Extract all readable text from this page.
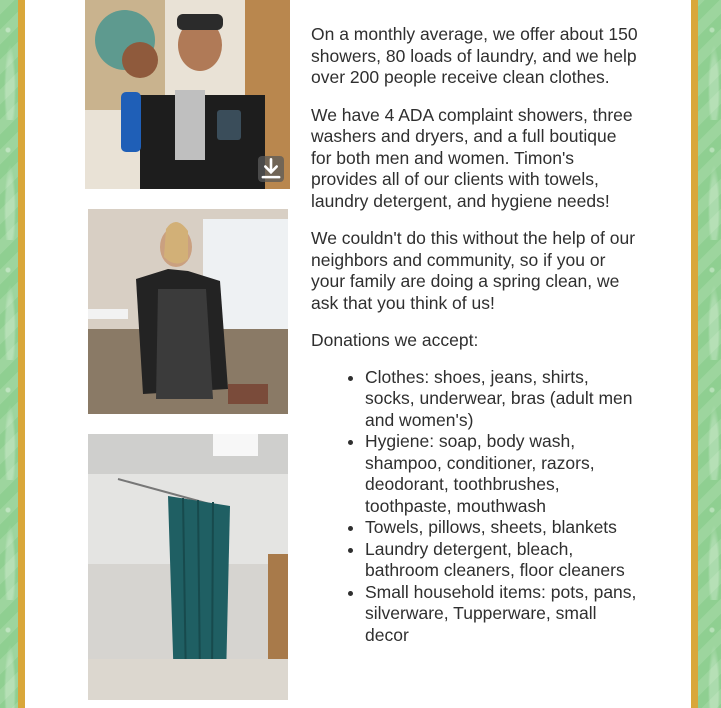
On a monthly average, we offer about 150 showers, 80 loads of laundry, and we help over 200 people receive clean clothes.

We have 4 ADA complaint showers, three washers and dryers, and a full boutique for both men and women. Timon's provides all of our clients with towels, laundry detergent, and hygiene needs!

We couldn't do this without the help of our neighbors and community, so if you or your family are doing a spring clean, we ask that you think of us!

Donations we accept:

• Clothes: shoes, jeans, shirts, socks, underwear, bras (adult men and women's)
• Hygiene: soap, body wash, shampoo, conditioner, razors, deodorant, toothbrushes, toothpaste, mouthwash
• Towels, pillows, sheets, blankets
• Laundry detergent, bleach, bathroom cleaners, floor cleaners
• Small household items: pots, pans, silverware, Tupperware, small decor
